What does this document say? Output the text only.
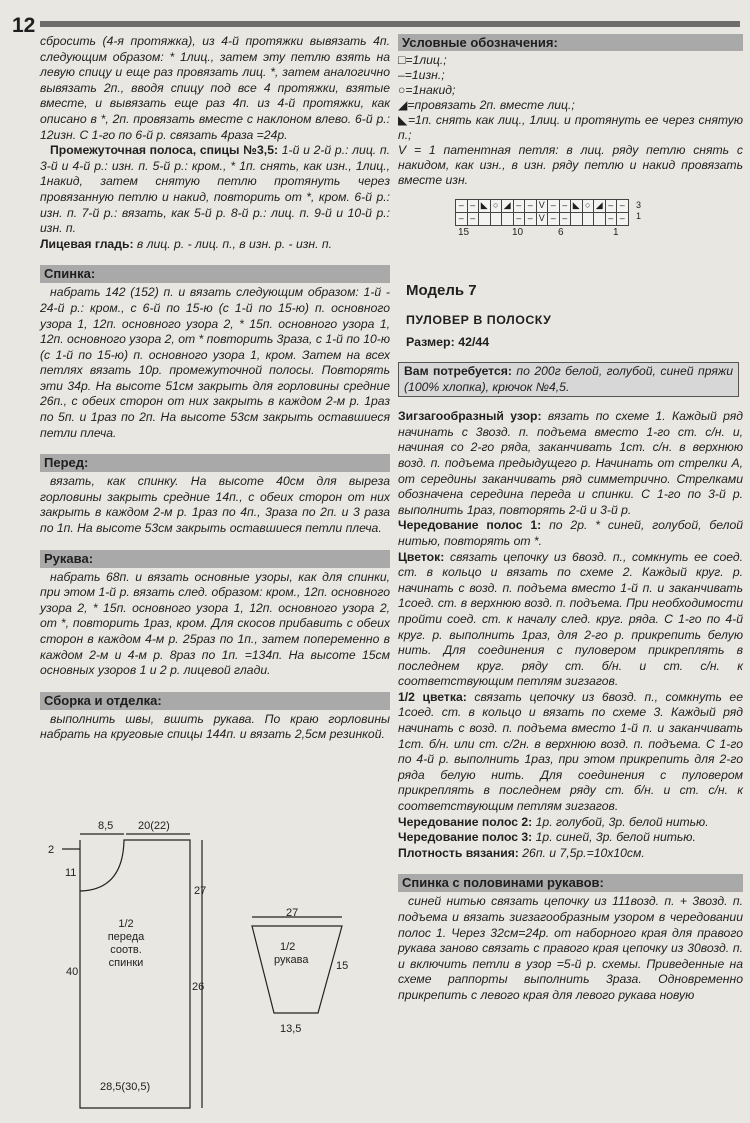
12

сбросить (4-я протяжка), из 4-й протяжки вывязать 4п. следующим образом: * 1лиц., затем эту петлю взять на левую спицу и еще раз провязать лиц. *, затем аналогично вывязать 2п., вводя спицу под все 4 протяжки, взятые вместе, и вывязать еще раз 4п. из 4-й протяжки, как описано в *, 2п. провязать вместе с наклоном влево. 6-й р.: 12изн. С 1-го по 6-й р. связать 4раза =24р.

Промежуточная полоса, спицы №3,5: 1-й и 2-й р.: лиц. п. 3-й и 4-й р.: изн. п. 5-й р.: кром., * 1п. снять, как изн., 1лиц., 1накид, затем снятую петлю протянуть через провязанную петлю и накид, повторить от *, кром. 6-й р.: изн. п. 7-й р.: вязать, как 5-й р. 8-й р.: лиц. п. 9-й и 10-й р.: изн. п.

Лицевая гладь: в лиц. р. - лиц. п., в изн. р. - изн. п.

Спинка:

набрать 142 (152) п. и вязать следующим образом: 1-й - 24-й р.: кром., с 6-й по 15-ю (с 1-й по 15-ю) п. основного узора 1, 12п. основного узора 2, * 15п. основного узора 1, 12п. основного узора 2, от * повторить 3раза, с 1-й по 10-ю (с 1-й по 15-ю) п. основного узора 1, кром. Затем на всех петлях вязать 10р. промежуточной полосы. Повторять эти 34р. На высоте 51см закрыть для горловины средние 26п., с обеих сторон от них закрыть в каждом 2-м р. 1раз по 5п. и 1раз по 2п. На высоте 53см закрыть оставшиеся петли плеча.

Перед:

вязать, как спинку. На высоте 40см для выреза горловины закрыть средние 14п., с обеих сторон от них закрыть в каждом 2-м р. 1раз по 4п., 3раза по 2п. и 3 раза по 1п. На высоте 53см закрыть оставшиеся петли плеча.

Рукава:

набрать 68п. и вязать основные узоры, как для спинки, при этом 1-й р. вязать след. образом: кром., 12п. основного узора 2, * 15п. основного узора 1, 12п. основного узора 2, от *, повторить 1раз, кром. Для скосов прибавить с обеих сторон в каждом 4-м р. 25раз по 1п., затем попеременно в каждом 2-м и 4-м р. 8раз по 1п. =134п. На высоте 15см основных узоров 1 и 2 р. лицевой глади.

Сборка и отделка:

выполнить швы, вшить рукава. По краю горловины набрать на круговые спицы 144п. и вязать 2,5см резинкой.

8,5 20(22)
2
11
27
1/2
переда
соотв.
спинки
40
26
28,5(30,5)
27
1/2
рукава 15
13,5
Условные обозначения:

□=1лиц.;

–=1изн.;

○=1накид;

◢=провязать 2п. вместе лиц.;

◣=1п. снять как лиц., 1лиц. и протянуть ее через снятую п.;

V = 1 патентная петля: в лиц. ряду петлю снять с накидом, как изн., в изн. ряду петлю и накид провязать вместе изн.

– – ◣ ○ ◢ – – V – – ◣ ○ ◢ – –
– –	– – V – –	– –
3
1
15	10	6	1
Модель 7
ПУЛОВЕР В ПОЛОСКУ
Размер: 42/44

Вам потребуется: по 200г белой, голубой, синей пряжи (100% хлопка), крючок №4,5.

Зигзагообразный узор: вязать по схеме 1. Каждый ряд начинать с 3возд. п. подъема вместо 1-го ст. с/н. и, начиная со 2-го ряда, заканчивать 1ст. с/н. в верхнюю возд. п. подъема предыдущего р. Начинать от стрелки А, от середины заканчивать ряд симметрично. Стрелками обозначена середина переда и спинки. С 1-го по 3-й р. выполнить 1раз, повторять 2-й и 3-й р.

Чередование полос 1: по 2р. * синей, голубой, белой нитью, повторять от *.

Цветок: связать цепочку из 6возд. п., сомкнуть ее соед. ст. в кольцо и вязать по схеме 2. Каждый круг. р. начинать с возд. п. подъема вместо 1-й п. и заканчивать 1соед. ст. в верхнюю возд. п. подъема. При необходимости пройти соед. ст. к началу след. круг. ряда. С 1-го по 4-й круг. р. выполнить 1раз, для 2-го р. прикрепить белую нить. Для соединения с пуловером прикреплять в последнем круг. ряду ст. б/н. и ст. с/н. к соответствующим петлям зигзагов.

1/2 цветка: связать цепочку из 6возд. п., сомкнуть ее 1соед. ст. в кольцо и вязать по схеме 3. Каждый ряд начинать с возд. п. подъема вместо 1-й п. и заканчивать 1ст. б/н. или ст. с/2н. в верхнюю возд. п. подъема. С 1-го по 4-й р. выполнить 1раз, при этом прикрепить для 2-го ряда белую нить. Для соединения с пуловером прикреплять в последнем ряду ст. б/н. и ст. с/н. к соответствующим петлям зигзагов.

Чередование полос 2: 1р. голубой, 3р. белой нитью.

Чередование полос 3: 1р. синей, 3р. белой нитью.

Плотность вязания: 26п. и 7,5р.=10х10см.

Спинка с половинами рукавов:

синей нитью связать цепочку из 111возд. п. + 3возд. п. подъема и вязать зигзагообразным узором в чередовании полос 1. Через 32см=24р. от наборного края для правого рукава заново связать с правого края цепочку из 30возд. п. и включить петли в узор =5-й р. схемы. Приведенные на схеме раппорты выполнить 3раза. Одновременно прикрепить с левого края для левого рукава новую
